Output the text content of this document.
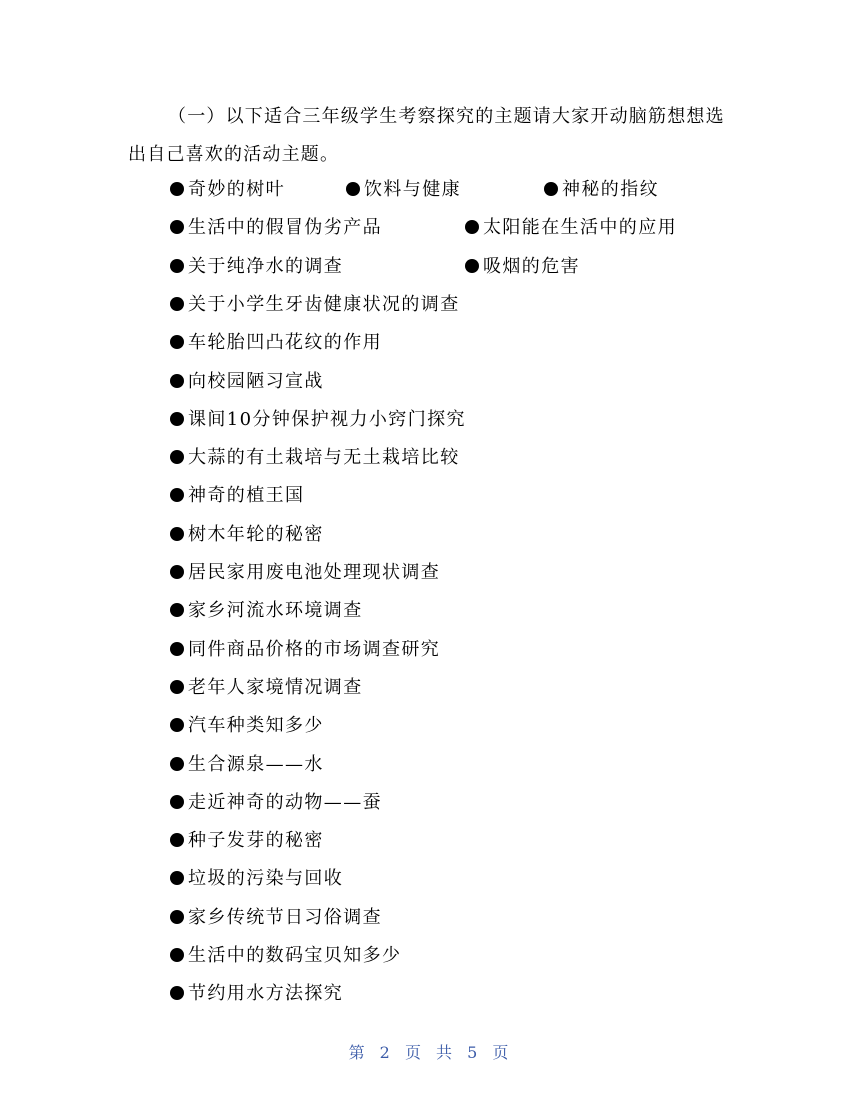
（一）以下适合三年级学生考察探究的主题请大家开动脑筋想想选出自己喜欢的活动主题。
奇妙的树叶	饮料与健康	神秘的指纹
生活中的假冒伪劣产品	太阳能在生活中的应用
关于纯净水的调查	吸烟的危害
关于小学生牙齿健康状况的调查
车轮胎凹凸花纹的作用
向校园陋习宣战
课间10分钟保护视力小窍门探究
大蒜的有土栽培与无土栽培比较
神奇的植王国
树木年轮的秘密
居民家用废电池处理现状调查
家乡河流水环境调查
同件商品价格的市场调查研究
老年人家境情况调查
汽车种类知多少
生合源泉——水
走近神奇的动物——蚕
种子发芽的秘密
垃圾的污染与回收
家乡传统节日习俗调查
生活中的数码宝贝知多少
节约用水方法探究
第 2 页 共 5 页
